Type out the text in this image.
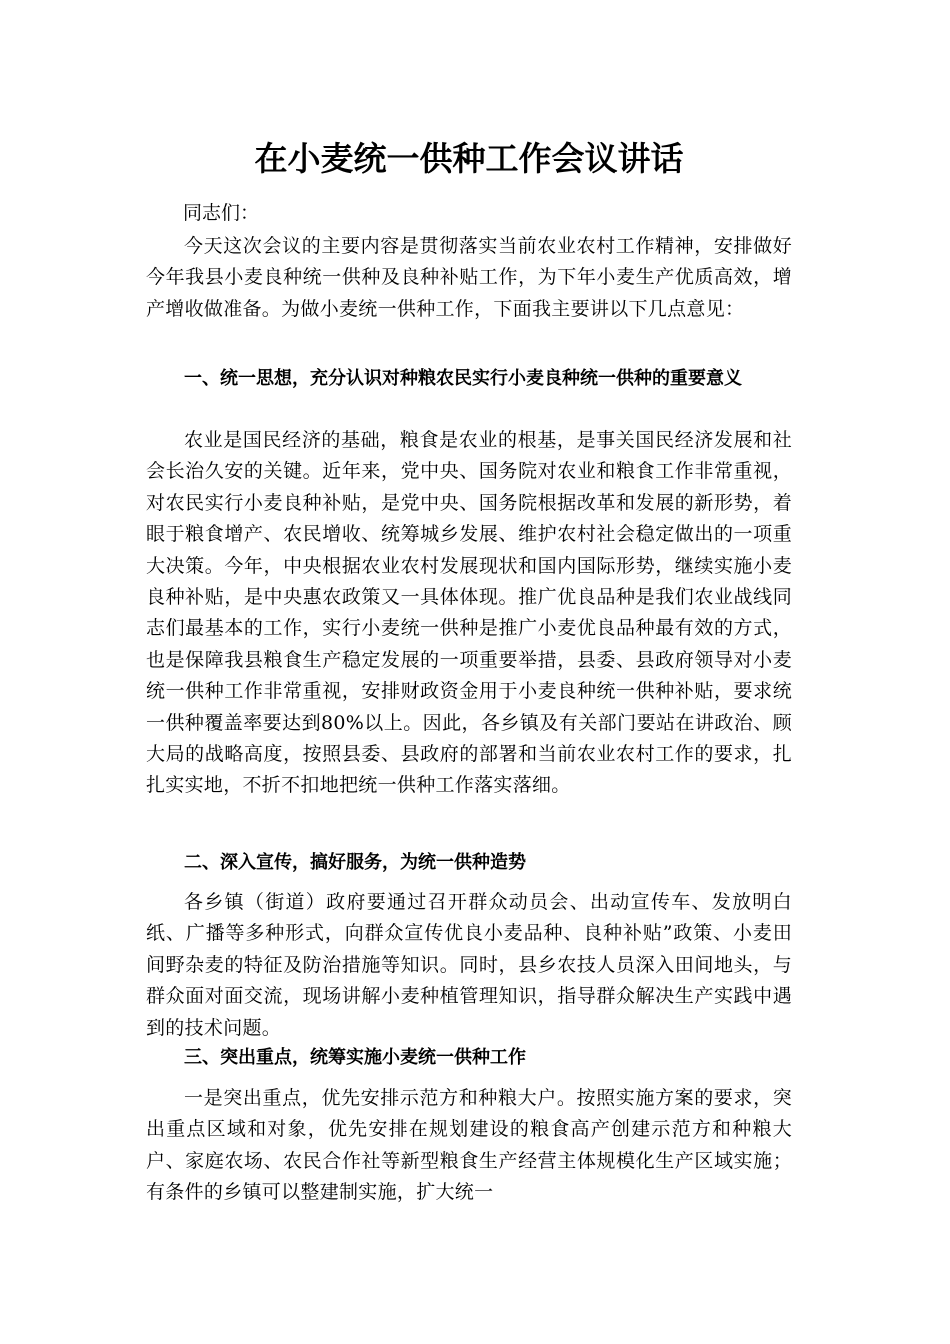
在小麦统一供种工作会议讲话

同志们：

今天这次会议的主要内容是贯彻落实当前农业农村工作精神，安排做好今年我县小麦良种统一供种及良种补贴工作，为下年小麦生产优质高效，增产增收做准备。为做小麦统一供种工作，下面我主要讲以下几点意见：

一、统一思想，充分认识对种粮农民实行小麦良种统一供种的重要意义

农业是国民经济的基础，粮食是农业的根基，是事关国民经济发展和社会长治久安的关键。近年来，党中央、国务院对农业和粮食工作非常重视，对农民实行小麦良种补贴，是党中央、国务院根据改革和发展的新形势，着眼于粮食增产、农民增收、统筹城乡发展、维护农村社会稳定做出的一项重大决策。今年，中央根据农业农村发展现状和国内国际形势，继续实施小麦良种补贴，是中央惠农政策又一具体体现。推广优良品种是我们农业战线同志们最基本的工作，实行小麦统一供种是推广小麦优良品种最有效的方式，也是保障我县粮食生产稳定发展的一项重要举措，县委、县政府领导对小麦统一供种工作非常重视，安排财政资金用于小麦良种统一供种补贴，要求统一供种覆盖率要达到80%以上。因此，各乡镇及有关部门要站在讲政治、顾大局的战略高度，按照县委、县政府的部署和当前农业农村工作的要求，扎扎实实地，不折不扣地把统一供种工作落实落细。

二、深入宣传，搞好服务，为统一供种造势

各乡镇（街道）政府要通过召开群众动员会、出动宣传车、发放明白纸、广播等多种形式，向群众宣传优良小麦品种、良种补贴”政策、小麦田间野杂麦的特征及防治措施等知识。同时，县乡农技人员深入田间地头，与群众面对面交流，现场讲解小麦种植管理知识，指导群众解决生产实践中遇到的技术问题。

三、突出重点，统筹实施小麦统一供种工作

一是突出重点，优先安排示范方和种粮大户。按照实施方案的要求，突出重点区域和对象，优先安排在规划建设的粮食高产创建示范方和种粮大户、家庭农场、农民合作社等新型粮食生产经营主体规模化生产区域实施；有条件的乡镇可以整建制实施，扩大统一
